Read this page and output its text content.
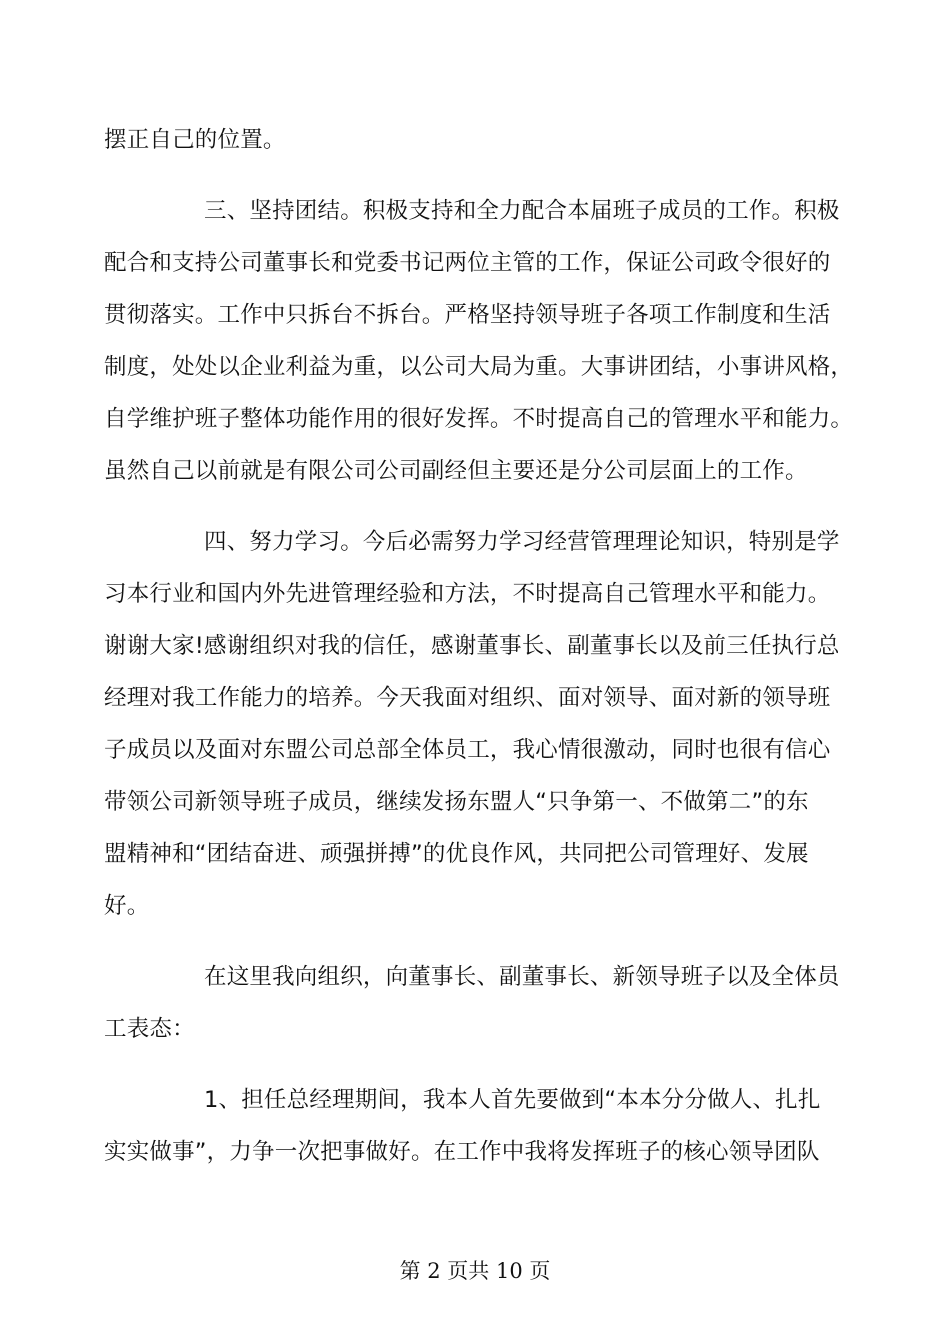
摆正自己的位置。
三、坚持团结。积极支持和全力配合本届班子成员的工作。积极
配合和支持公司董事长和党委书记两位主管的工作，保证公司政令很好的
贯彻落实。工作中只拆台不拆台。严格坚持领导班子各项工作制度和生活
制度，处处以企业利益为重，以公司大局为重。大事讲团结，小事讲风格，
自学维护班子整体功能作用的很好发挥。不时提高自己的管理水平和能力。
虽然自己以前就是有限公司公司副经但主要还是分公司层面上的工作。
四、努力学习。今后必需努力学习经营管理理论知识，特别是学
习本行业和国内外先进管理经验和方法，不时提高自己管理水平和能力。
谢谢大家!感谢组织对我的信任，感谢董事长、副董事长以及前三任执行总
经理对我工作能力的培养。今天我面对组织、面对领导、面对新的领导班
子成员以及面对东盟公司总部全体员工，我心情很激动，同时也很有信心
带领公司新领导班子成员，继续发扬东盟人“只争第一、不做第二”的东
盟精神和“团结奋进、顽强拼搏”的优良作风，共同把公司管理好、发展
好。
在这里我向组织，向董事长、副董事长、新领导班子以及全体员
工表态：
1、担任总经理期间，我本人首先要做到“本本分分做人、扎扎
实实做事”，力争一次把事做好。在工作中我将发挥班子的核心领导团队
第 2 页共 10 页
